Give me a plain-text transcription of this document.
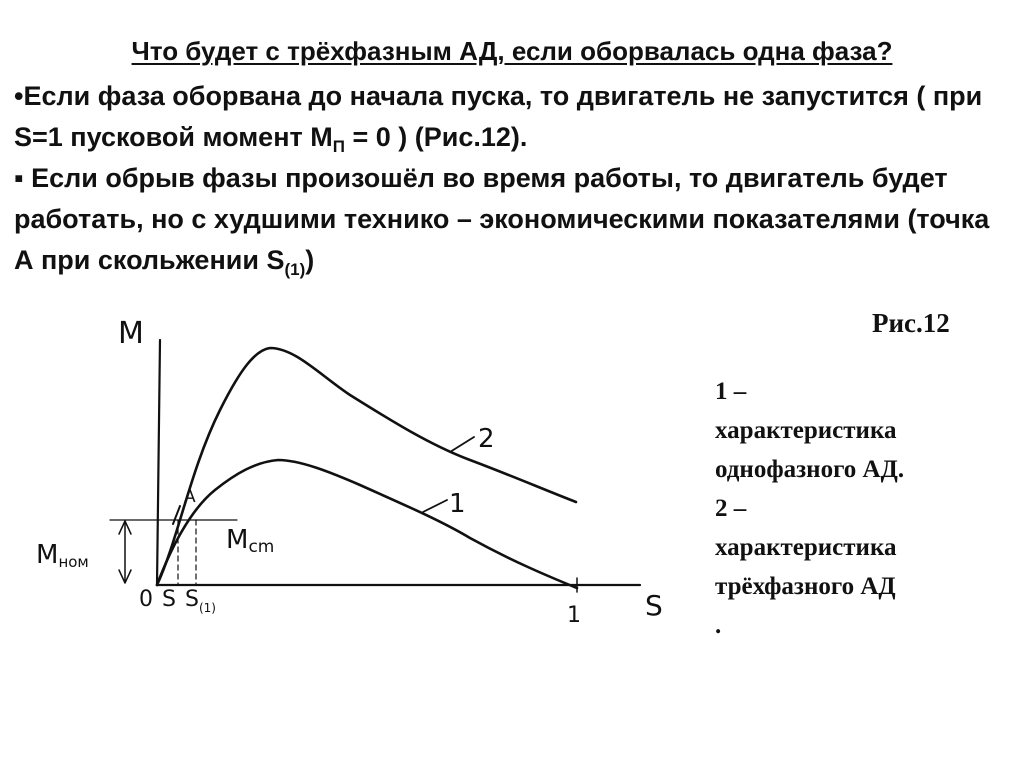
Что будет с трёхфазным АД, если оборвалась одна фаза?

•Если фаза оборвана до начала пуска, то двигатель не запустится ( при S=1 пусковой момент $M_П = 0$ ) (Рис.12).

▪ Если обрыв фазы произошёл во время работы, то двигатель будет работать, но с худшими технико – экономическими показателями (точка А при скольжении $S_{(1)}$)

M
S
0 S $S_{(1)}$	1
Mном
Mcm
A
2
1
Рис.12
1 –
характеристика
однофазного АД.
2 –
характеристика
трёхфазного АД
.
